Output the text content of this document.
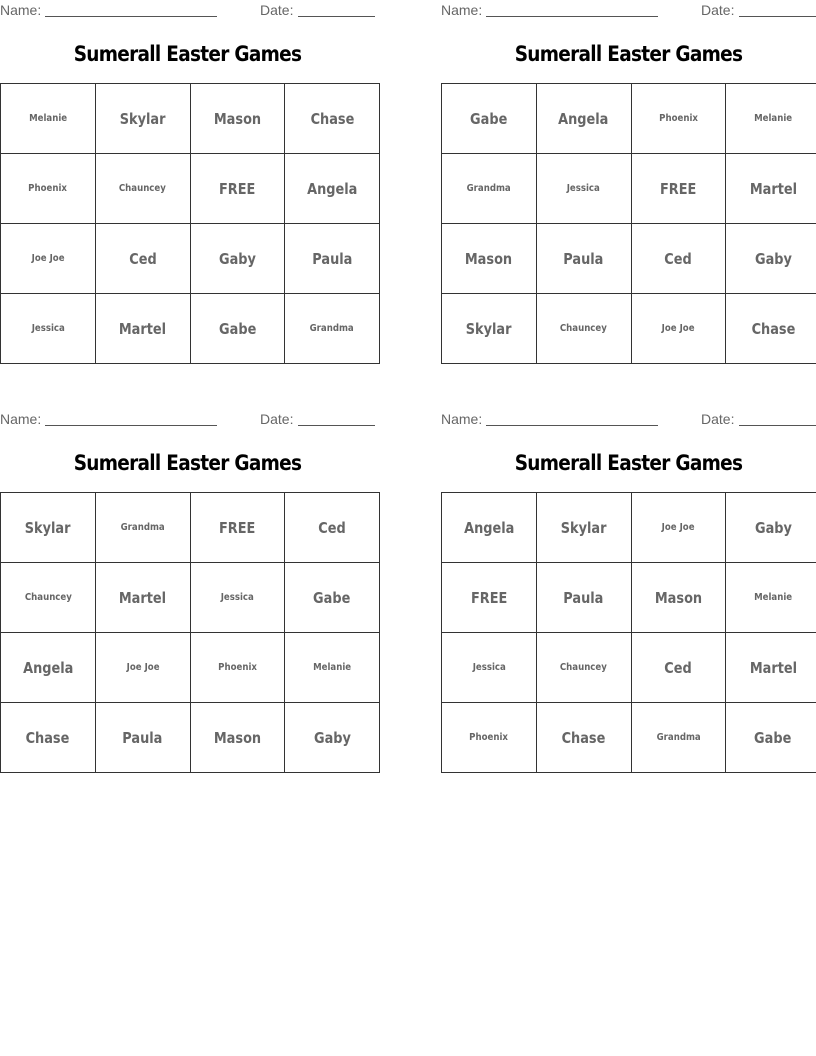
Name:	Date:
Sumerall Easter Games
Melanie	Skylar	Mason	Chase
Phoenix	Chauncey	FREE	Angela
Joe Joe	Ced	Gaby	Paula
Jessica	Martel	Gabe	Grandma
Name:	Date:
Sumerall Easter Games
Gabe	Angela	Phoenix	Melanie
Grandma	Jessica	FREE	Martel
Mason	Paula	Ced	Gaby
Skylar	Chauncey	Joe Joe	Chase
Name:	Date:
Sumerall Easter Games
Skylar	Grandma	FREE	Ced
Chauncey	Martel	Jessica	Gabe
Angela	Joe Joe	Phoenix	Melanie
Chase	Paula	Mason	Gaby
Name:	Date:
Sumerall Easter Games
Angela	Skylar	Joe Joe	Gaby
FREE	Paula	Mason	Melanie
Jessica	Chauncey	Ced	Martel
Phoenix	Chase	Grandma	Gabe
